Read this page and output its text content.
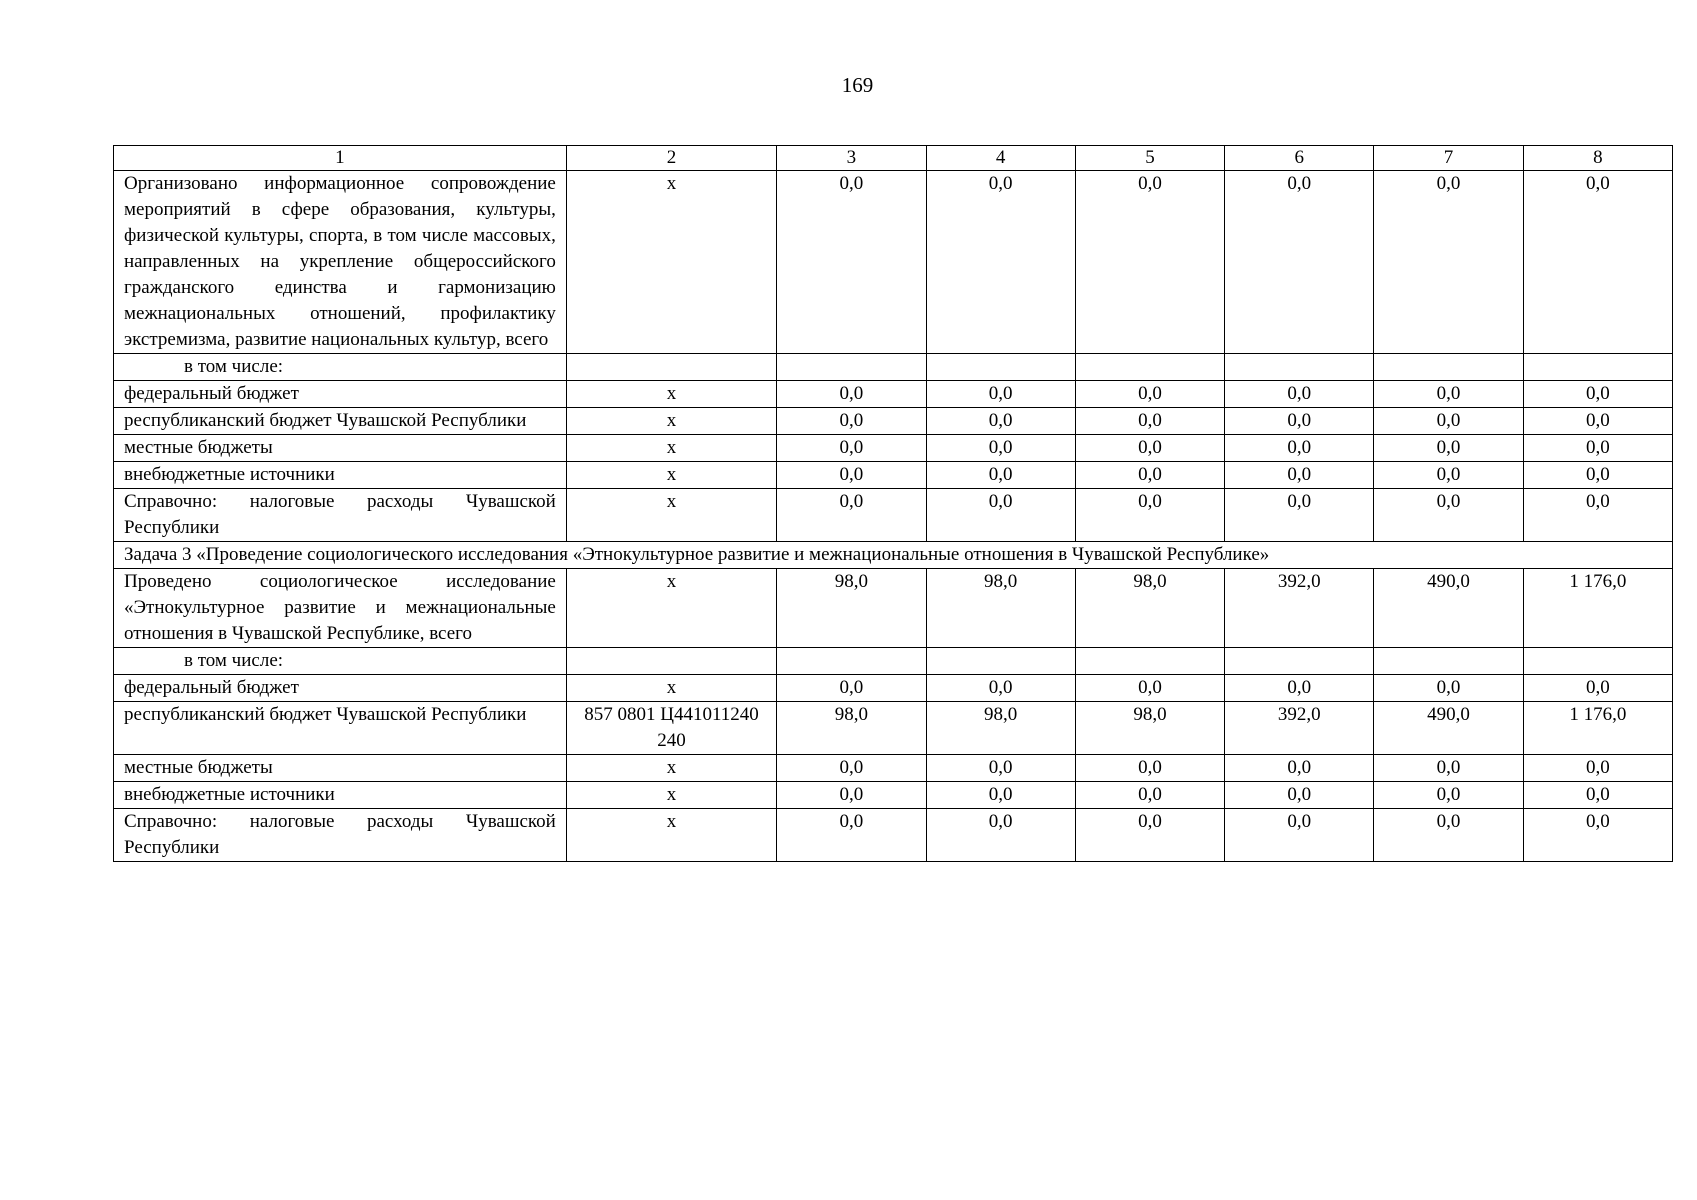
169
1	2	3	4	5	6	7	8
Организовано информационное сопровождение мероприятий в сфере образования, культуры, физической культуры, спорта, в том числе массовых, направленных на укрепление общероссийского гражданского единства и гармонизацию межнациональных отношений, профилактику экстремизма, развитие национальных культур, всего	x	0,0	0,0	0,0	0,0	0,0	0,0
в том числе:							
федеральный бюджет	x	0,0	0,0	0,0	0,0	0,0	0,0
республиканский бюджет Чувашской Республики	x	0,0	0,0	0,0	0,0	0,0	0,0
местные бюджеты	x	0,0	0,0	0,0	0,0	0,0	0,0
внебюджетные источники	x	0,0	0,0	0,0	0,0	0,0	0,0
Справочно: налоговые расходы Чувашской Республики	x	0,0	0,0	0,0	0,0	0,0	0,0
Задача 3 «Проведение социологического исследования «Этнокультурное развитие и межнациональные отношения в Чувашской Республике»							
Проведено социологическое исследование «Этнокультурное развитие и межнациональные отношения в Чувашской Республике, всего	x	98,0	98,0	98,0	392,0	490,0	1 176,0
в том числе:							
федеральный бюджет	x	0,0	0,0	0,0	0,0	0,0	0,0
республиканский бюджет Чувашской Республики	857 0801 Ц441011240 240	98,0	98,0	98,0	392,0	490,0	1 176,0
местные бюджеты	x	0,0	0,0	0,0	0,0	0,0	0,0
внебюджетные источники	x	0,0	0,0	0,0	0,0	0,0	0,0
Справочно: налоговые расходы Чувашской Республики	x	0,0	0,0	0,0	0,0	0,0	0,0
